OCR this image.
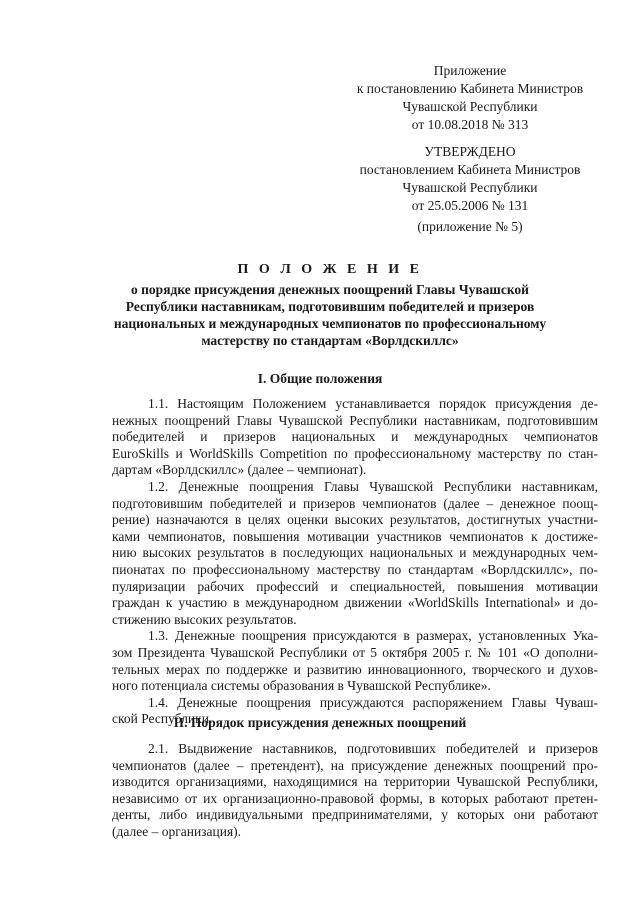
Приложение
к постановлению Кабинета Министров
Чувашской Республики
от 10.08.2018 № 313
УТВЕРЖДЕНО
постановлением Кабинета Министров
Чувашской Республики
от 25.05.2006 № 131
(приложение № 5)
П О Л О Ж Е Н И Е
о порядке присуждения денежных поощрений Главы Чувашской
Республики наставникам, подготовившим победителей и призеров
национальных и международных чемпионатов по профессиональному
мастерству по стандартам «Ворлдскиллс»
I. Общие положения
1.1. Настоящим Положением устанавливается порядок присуждения де-
нежных поощрений Главы Чувашской Республики наставникам, подготовившим
победителей и призеров национальных и международных чемпионатов
EuroSkills и WorldSkills Competition по профессиональному мастерству по стан-
дартам «Ворлдскиллс» (далее – чемпионат).
1.2. Денежные поощрения Главы Чувашской Республики наставникам,
подготовившим победителей и призеров чемпионатов (далее – денежное поощ-
рение) назначаются в целях оценки высоких результатов, достигнутых участни-
ками чемпионатов, повышения мотивации участников чемпионатов к достиже-
нию высоких результатов в последующих национальных и международных чем-
пионатах по профессиональному мастерству по стандартам «Ворлдскиллс», по-
пуляризации рабочих профессий и специальностей, повышения мотивации
граждан к участию в международном движении «WorldSkills International» и до-
стижению высоких результатов.
1.3. Денежные поощрения присуждаются в размерах, установленных Ука-
зом Президента Чувашской Республики от 5 октября 2005 г. № 101 «О дополни-
тельных мерах по поддержке и развитию инновационного, творческого и духов-
ного потенциала системы образования в Чувашской Республике».
1.4. Денежные поощрения присуждаются распоряжением Главы Чуваш-
ской Республики.
II. Порядок присуждения денежных поощрений
2.1. Выдвижение наставников, подготовивших победителей и призеров
чемпионатов (далее – претендент), на присуждение денежных поощрений про-
изводится организациями, находящимися на территории Чувашской Республики,
независимо от их организационно-правовой формы, в которых работают претен-
денты, либо индивидуальными предпринимателями, у которых они работают
(далее – организация).
